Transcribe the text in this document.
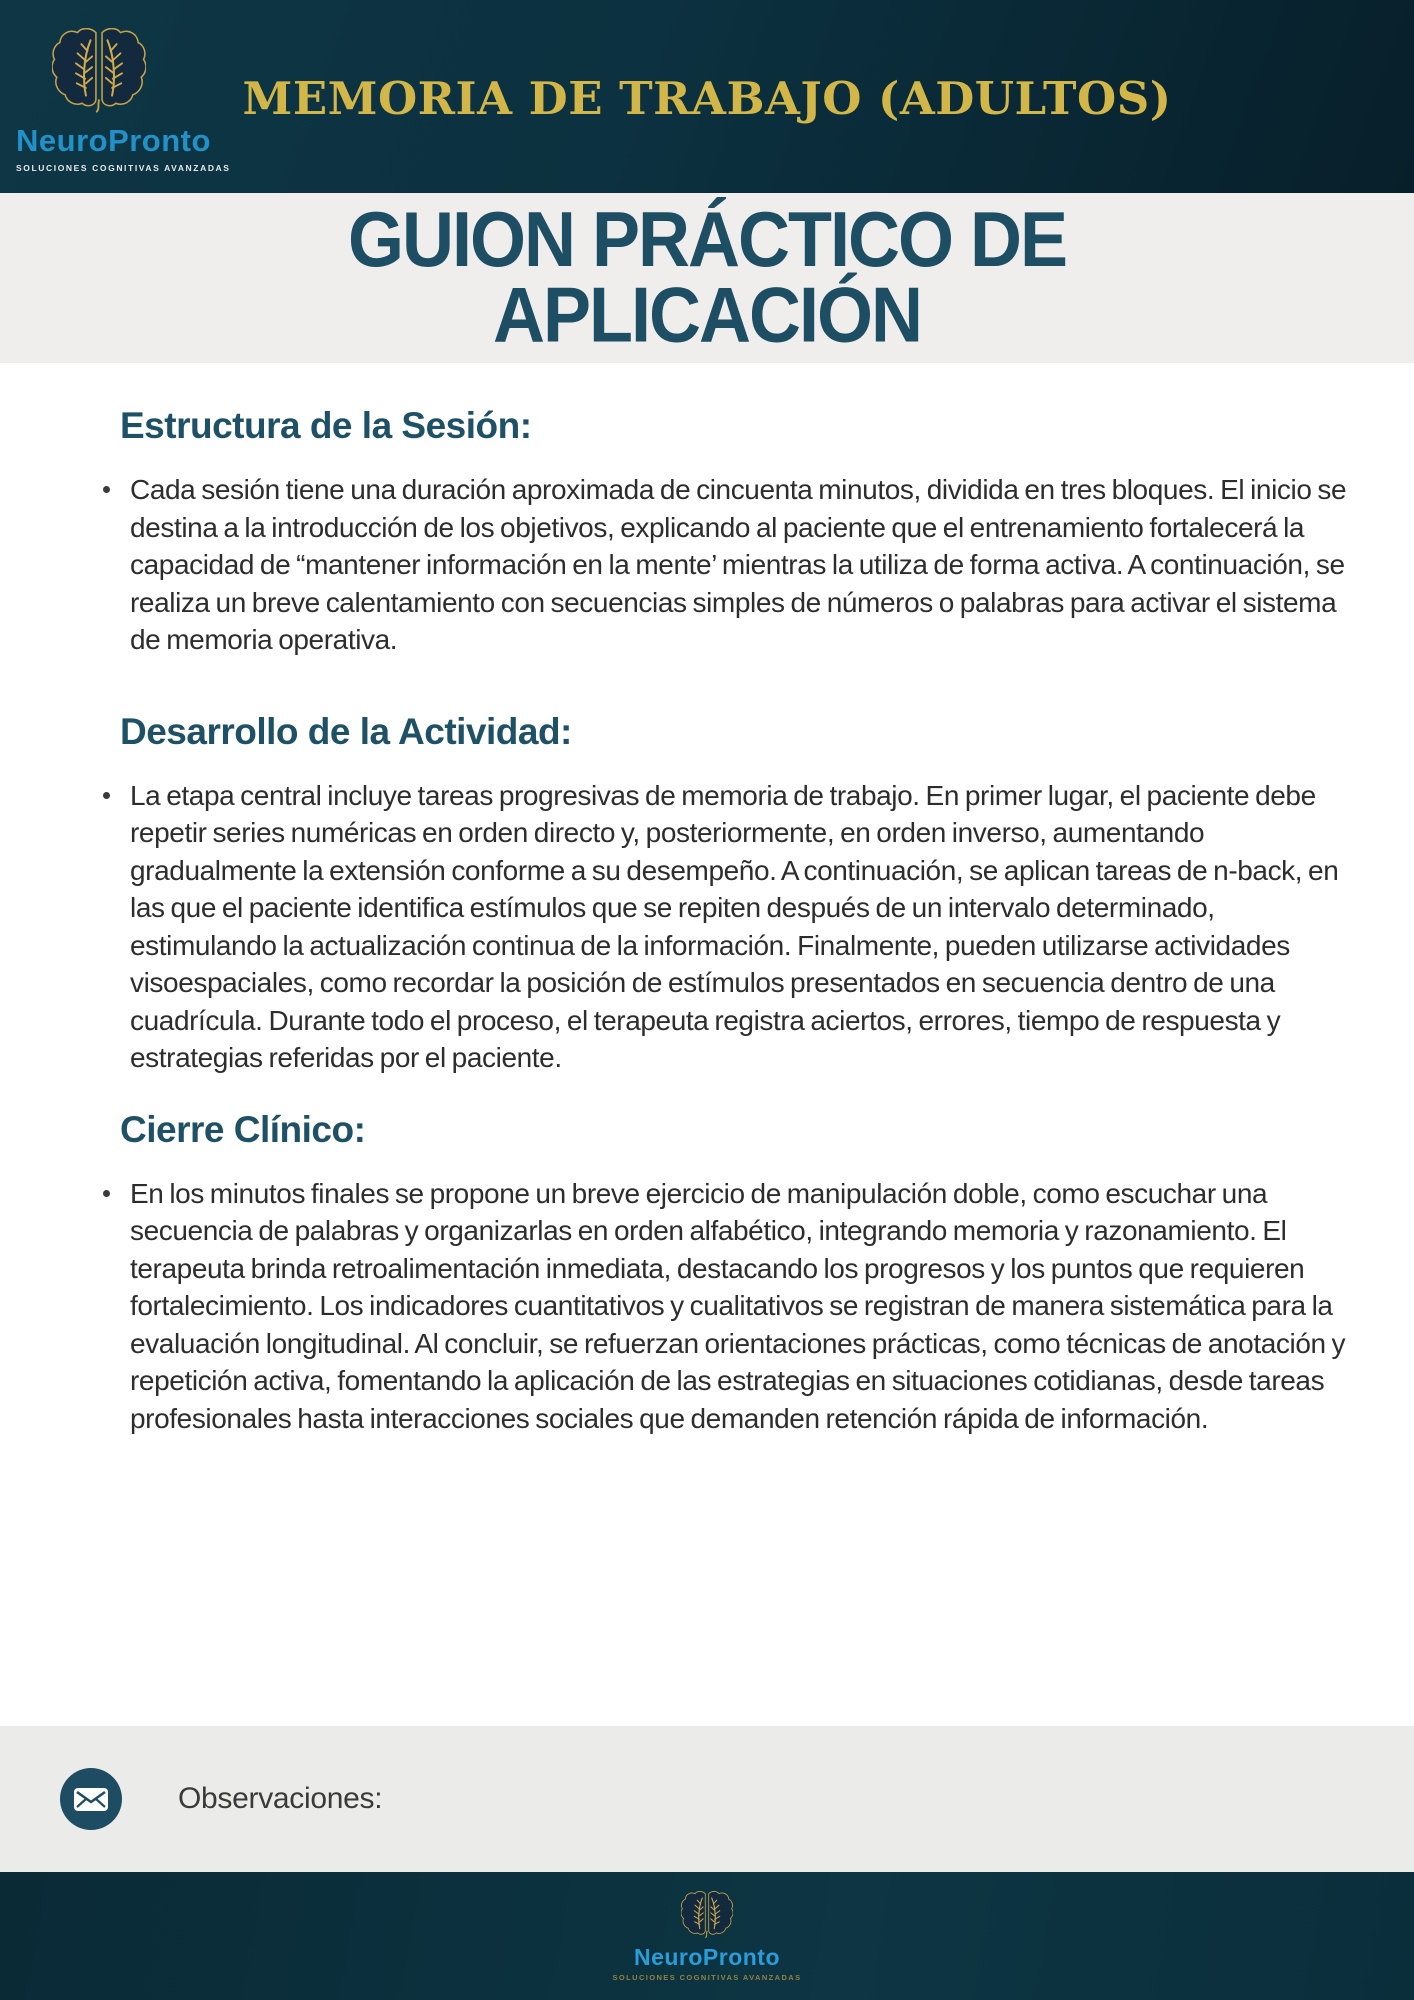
NeuroPronto
SOLUCIONES COGNITIVAS AVANZADAS
MEMORIA DE TRABAJO (ADULTOS)
GUION PRÁCTICO DE APLICACIÓN
Estructura de la Sesión:
Cada sesión tiene una duración aproximada de cincuenta minutos, dividida en tres bloques. El inicio se destina a la introducción de los objetivos, explicando al paciente que el entrenamiento fortalecerá la capacidad de “mantener información en la mente’ mientras la utiliza de forma activa. A continuación, se realiza un breve calentamiento con secuencias simples de números o palabras para activar el sistema de memoria operativa.
Desarrollo de la Actividad:
La etapa central incluye tareas progresivas de memoria de trabajo. En primer lugar, el paciente debe repetir series numéricas en orden directo y, posteriormente, en orden inverso, aumentando gradualmente la extensión conforme a su desempeño. A continuación, se aplican tareas de n-back, en las que el paciente identifica estímulos que se repiten después de un intervalo determinado, estimulando la actualización continua de la información. Finalmente, pueden utilizarse actividades visoespaciales, como recordar la posición de estímulos presentados en secuencia dentro de una cuadrícula. Durante todo el proceso, el terapeuta registra aciertos, errores, tiempo de respuesta y estrategias referidas por el paciente.
Cierre Clínico:
En los minutos finales se propone un breve ejercicio de manipulación doble, como escuchar una secuencia de palabras y organizarlas en orden alfabético, integrando memoria y razonamiento. El terapeuta brinda retroalimentación inmediata, destacando los progresos y los puntos que requieren fortalecimiento. Los indicadores cuantitativos y cualitativos se registran de manera sistemática para la evaluación longitudinal. Al concluir, se refuerzan orientaciones prácticas, como técnicas de anotación y repetición activa, fomentando la aplicación de las estrategias en situaciones cotidianas, desde tareas profesionales hasta interacciones sociales que demanden retención rápida de información.
Observaciones:
NeuroPronto
SOLUCIONES COGNITIVAS AVANZADAS
